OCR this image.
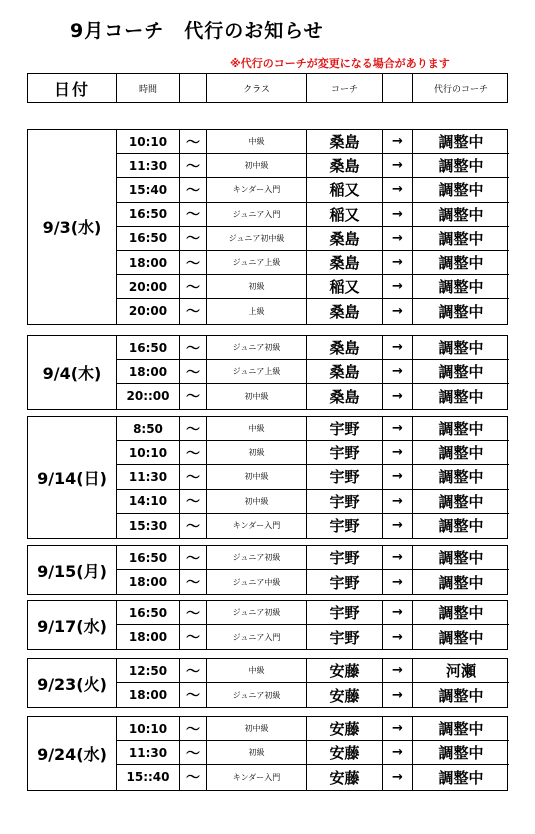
9月コーチ　代行のお知らせ
※代行のコーチが変更になる場合があります
日付	時間	クラス	コーチ	代行のコーチ
9/3(水)
10:10	〜	中級	桑島	→	調整中
11:30	〜	初中級	桑島	→	調整中
15:40	〜	キンダー入門	稲又	→	調整中
16:50	〜	ジュニア入門	稲又	→	調整中
16:50	〜	ジュニア初中級	桑島	→	調整中
18:00	〜	ジュニア上級	桑島	→	調整中
20:00	〜	初級	稲又	→	調整中
20:00	〜	上級	桑島	→	調整中
9/4(木)
16:50	〜	ジュニア初級	桑島	→	調整中
18:00	〜	ジュニア上級	桑島	→	調整中
20::00	〜	初中級	桑島	→	調整中
9/14(日)
8:50	〜	中級	宇野	→	調整中
10:10	〜	初級	宇野	→	調整中
11:30	〜	初中級	宇野	→	調整中
14:10	〜	初中級	宇野	→	調整中
15:30	〜	キンダー入門	宇野	→	調整中
9/15(月)
16:50	〜	ジュニア初級	宇野	→	調整中
18:00	〜	ジュニア中級	宇野	→	調整中
9/17(水)
16:50	〜	ジュニア初級	宇野	→	調整中
18:00	〜	ジュニア入門	宇野	→	調整中
9/23(火)
12:50	〜	中級	安藤	→	河瀬
18:00	〜	ジュニア初級	安藤	→	調整中
9/24(水)
10:10	〜	初中級	安藤	→	調整中
11:30	〜	初級	安藤	→	調整中
15::40	〜	キンダー入門	安藤	→	調整中
